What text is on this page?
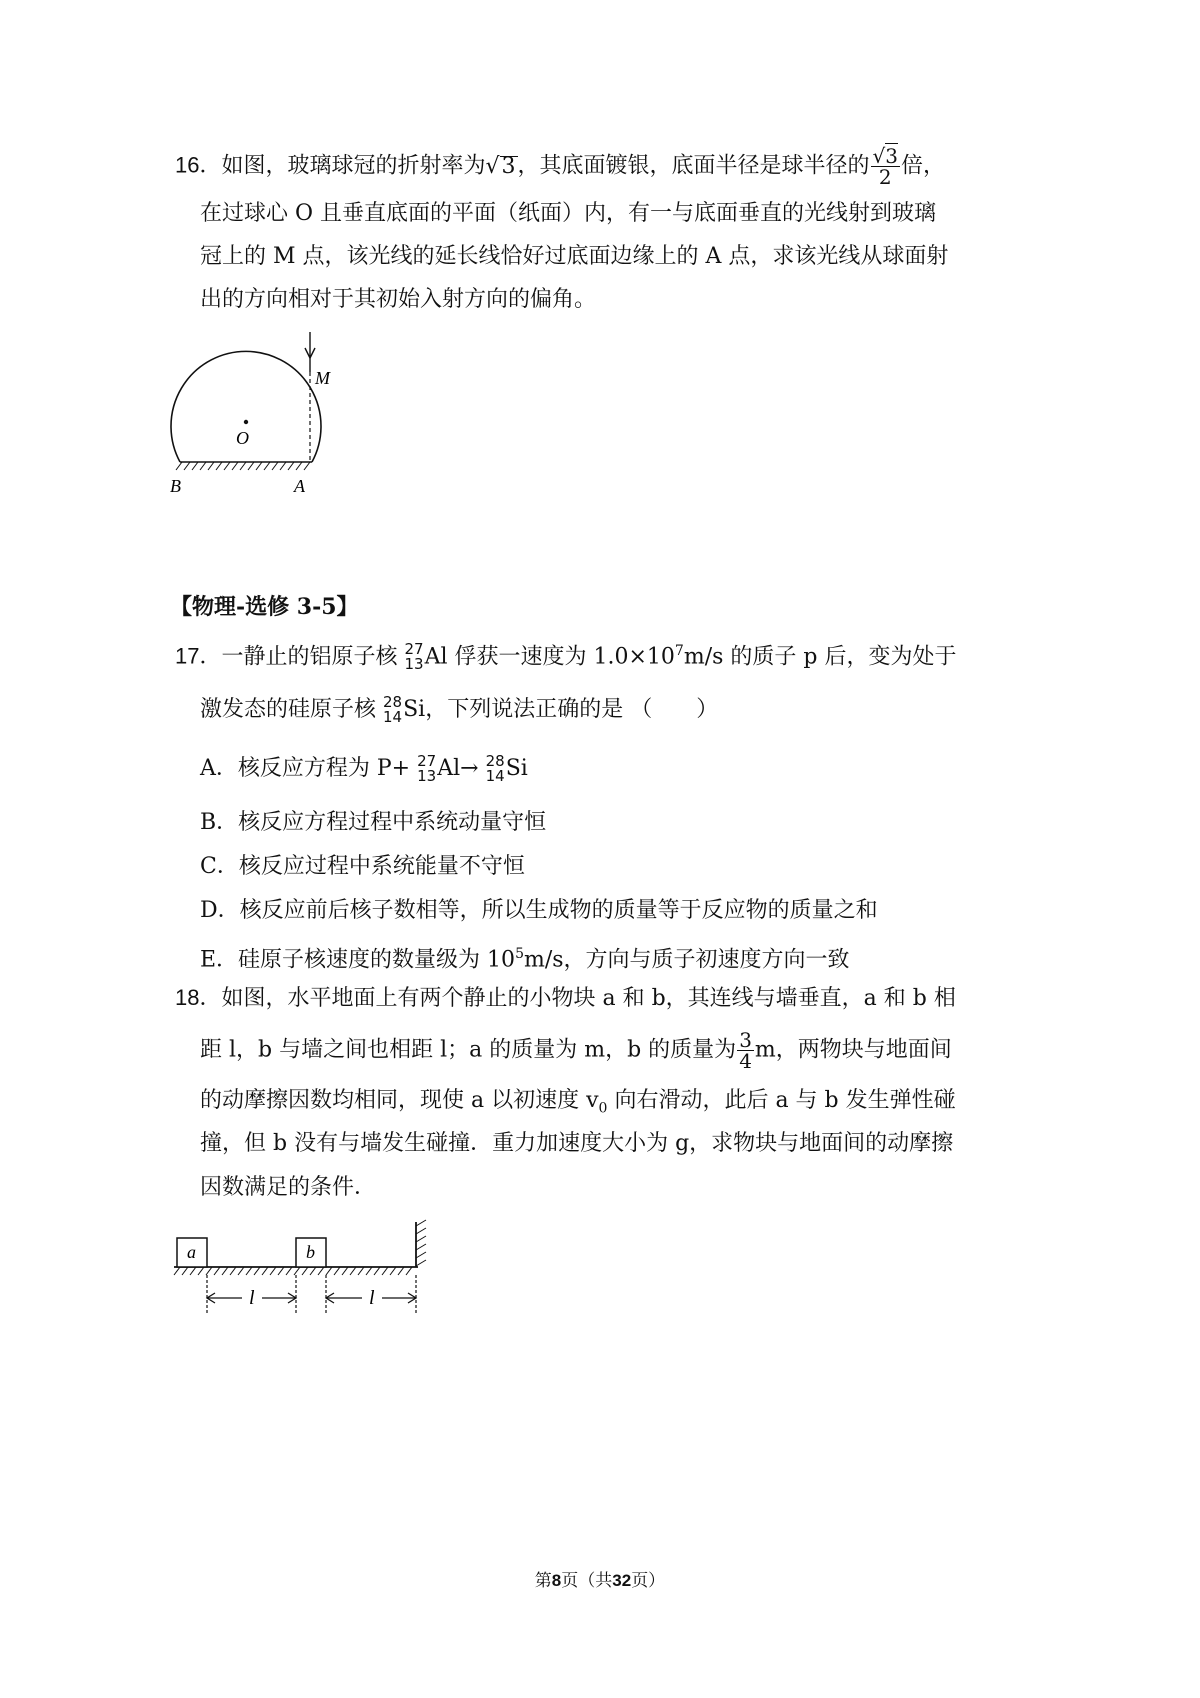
16．如图，玻璃球冠的折射率为√3，其底面镀银，底面半径是球半径的 $\frac{√3}{2}$ 倍，
在过球心 O 且垂直底面的平面（纸面）内，有一与底面垂直的光线射到玻璃
冠上的 M 点，该光线的延长线恰好过底面边缘上的 A 点，求该光线从球面射
出的方向相对于其初始入射方向的偏角。
M
O
B	A
【物理-选修 3-5】
17．一静止的铝原子核 27
13 Al 俘获一速度为 $1.0\times 10^7m/s$ 的质子 p 后，变为处于
激发态的硅原子核 28
14 Si，下列说法正确的是 （　　）
A．核反应方程为 P+ 27
13 Al→ 28
14 Si
B．核反应方程过程中系统动量守恒
C．核反应过程中系统能量不守恒
D．核反应前后核子数相等，所以生成物的质量等于反应物的质量之和
E．硅原子核速度的数量级为 $10^5m/s$，方向与质子初速度方向一致
18．如图，水平地面上有两个静止的小物块 a 和 b，其连线与墙垂直，a 和 b 相
距 l，b 与墙之间也相距 l；a 的质量为 m，b 的质量为 $\frac{3}{4}$ m，两物块与地面间
的动摩擦因数均相同，现使 a 以初速度 $v_0$ 向右滑动，此后 a 与 b 发生弹性碰
撞，但 b 没有与墙发生碰撞．重力加速度大小为 g，求物块与地面间的动摩擦
因数满足的条件．
a	b
l	l
第8页（共32页）
